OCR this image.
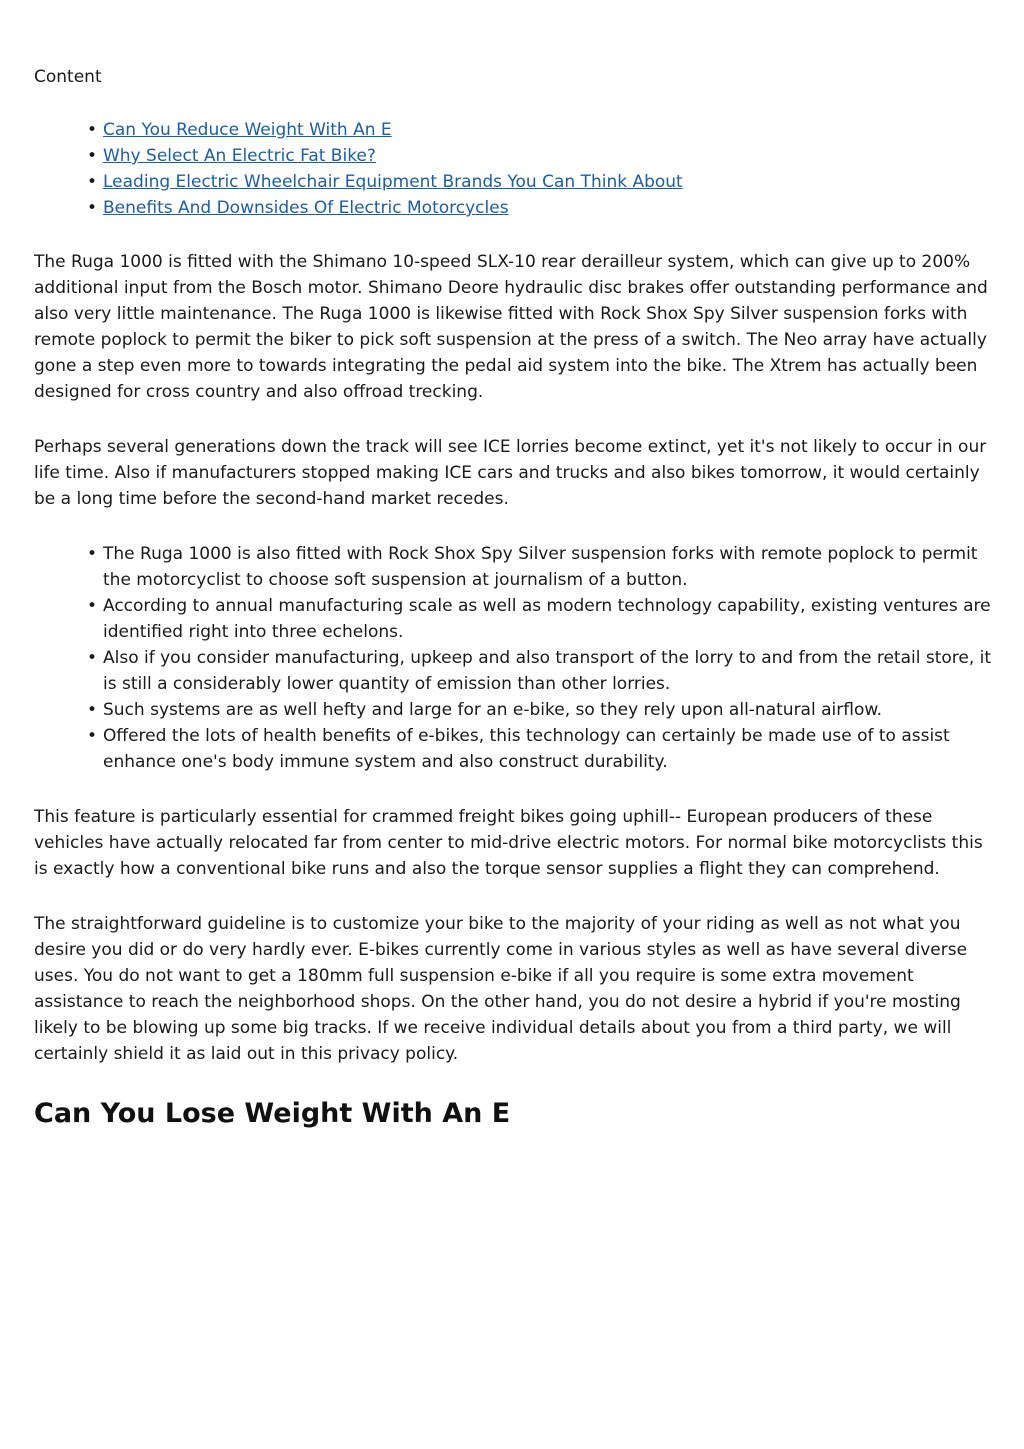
Content
• Can You Reduce Weight With An E
• Why Select An Electric Fat Bike?
• Leading Electric Wheelchair Equipment Brands You Can Think About
• Benefits And Downsides Of Electric Motorcycles

The Ruga 1000 is fitted with the Shimano 10-speed SLX-10 rear derailleur system, which can give up to 200% additional input from the Bosch motor. Shimano Deore hydraulic disc brakes offer outstanding performance and also very little maintenance. The Ruga 1000 is likewise fitted with Rock Shox Spy Silver suspension forks with remote poplock to permit the biker to pick soft suspension at the press of a switch. The Neo array have actually gone a step even more to towards integrating the pedal aid system into the bike. The Xtrem has actually been designed for cross country and also offroad trecking.

Perhaps several generations down the track will see ICE lorries become extinct, yet it's not likely to occur in our life time. Also if manufacturers stopped making ICE cars and trucks and also bikes tomorrow, it would certainly be a long time before the second-hand market recedes.

• The Ruga 1000 is also fitted with Rock Shox Spy Silver suspension forks with remote poplock to permit the motorcyclist to choose soft suspension at journalism of a button.
• According to annual manufacturing scale as well as modern technology capability, existing ventures are identified right into three echelons.
• Also if you consider manufacturing, upkeep and also transport of the lorry to and from the retail store, it is still a considerably lower quantity of emission than other lorries.
• Such systems are as well hefty and large for an e-bike, so they rely upon all-natural airflow.
• Offered the lots of health benefits of e-bikes, this technology can certainly be made use of to assist enhance one's body immune system and also construct durability.

This feature is particularly essential for crammed freight bikes going uphill-- European producers of these vehicles have actually relocated far from center to mid-drive electric motors. For normal bike motorcyclists this is exactly how a conventional bike runs and also the torque sensor supplies a flight they can comprehend.

The straightforward guideline is to customize your bike to the majority of your riding as well as not what you desire you did or do very hardly ever. E-bikes currently come in various styles as well as have several diverse uses. You do not want to get a 180mm full suspension e-bike if all you require is some extra movement assistance to reach the neighborhood shops. On the other hand, you do not desire a hybrid if you're mosting likely to be blowing up some big tracks. If we receive individual details about you from a third party, we will certainly shield it as laid out in this privacy policy.

Can You Lose Weight With An E
